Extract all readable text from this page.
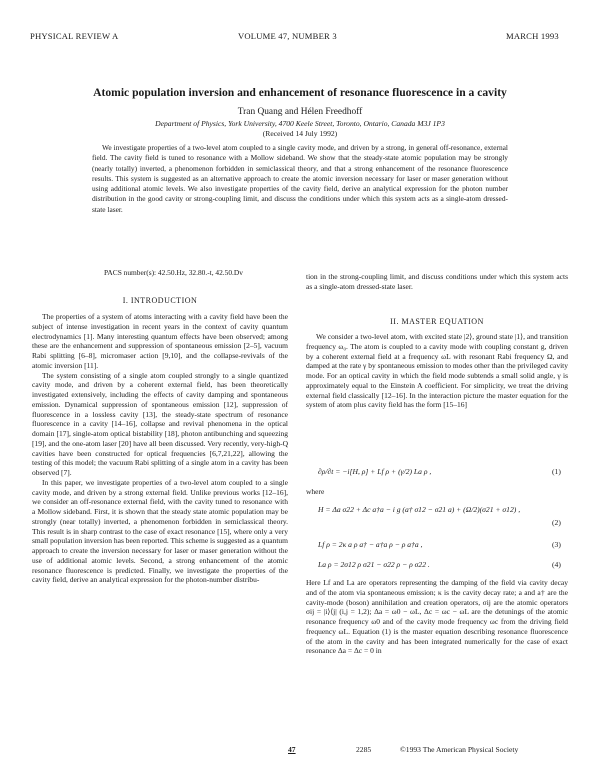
PHYSICAL REVIEW A	VOLUME 47, NUMBER 3	MARCH 1993
Atomic population inversion and enhancement of resonance fluorescence in a cavity
Tran Quang and Hélen Freedhoff
Department of Physics, York University, 4700 Keele Street, Toronto, Ontario, Canada M3J 1P3
(Received 14 July 1992)

We investigate properties of a two-level atom coupled to a single cavity mode, and driven by a strong, in general off-resonance, external field. The cavity field is tuned to resonance with a Mollow sideband. We show that the steady-state atomic population may be strongly (nearly totally) inverted, a phenomenon forbidden in semiclassical theory, and that a strong enhancement of the resonance fluorescence results. This system is suggested as an alternative approach to create the atomic inversion necessary for laser or maser generation without using additional atomic levels. We also investigate properties of the cavity field, derive an analytical expression for the photon number distribution in the good cavity or strong-coupling limit, and discuss the conditions under which this system acts as a single-atom dressed-state laser.

PACS number(s): 42.50.Hz, 32.80.-t, 42.50.Dv
I. INTRODUCTION

The properties of a system of atoms interacting with a cavity field have been the subject of intense investigation in recent years in the context of cavity quantum electrodynamics [1]. Many interesting quantum effects have been observed; among these are the enhancement and suppression of spontaneous emission [2–5], vacuum Rabi splitting [6–8], micromaser action [9,10], and the collapse-revivals of the atomic inversion [11].

The system consisting of a single atom coupled strongly to a single quantized cavity mode, and driven by a coherent external field, has been theoretically investigated extensively, including the effects of cavity damping and spontaneous emission. Dynamical suppression of spontaneous emission [12], suppression of fluorescence in a lossless cavity [13], the steady-state spectrum of resonance fluorescence in a cavity [14–16], collapse and revival phenomena in the optical domain [17], single-atom optical bistability [18], photon antibunching and squeezing [19], and the one-atom laser [20] have all been discussed. Very recently, very-high-Q cavities have been constructed for optical frequencies [6,7,21,22], allowing the testing of this model; the vacuum Rabi splitting of a single atom in a cavity has been observed [7].

In this paper, we investigate properties of a two-level atom coupled to a single cavity mode, and driven by a strong external field. Unlike previous works [12–16], we consider an off-resonance external field, with the cavity tuned to resonance with a Mollow sideband. First, it is shown that the steady state atomic population may be strongly (near totally) inverted, a phenomenon forbidden in semiclassical theory. This result is in sharp contrast to the case of exact resonance [15], where only a very small population inversion has been reported. This scheme is suggested as a quantum approach to create the inversion necessary for laser or maser generation without the use of additional atomic levels. Second, a strong enhancement of the atomic resonance fluorescence is predicted. Finally, we investigate the properties of the cavity field, derive an analytical expression for the photon-number distribu-

tion in the strong-coupling limit, and discuss conditions under which this system acts as a single-atom dressed-state laser.

II. MASTER EQUATION

We consider a two-level atom, with excited state |2⟩, ground state |1⟩, and transition frequency ω₀. The atom is coupled to a cavity mode with coupling constant g, driven by a coherent external field at a frequency ωL with resonant Rabi frequency Ω, and damped at the rate γ by spontaneous emission to modes other than the privileged cavity mode. For an optical cavity in which the field mode subtends a small solid angle, γ is approximately equal to the Einstein A coefficient. For simplicity, we treat the driving external field classically [12–16]. In the interaction picture the master equation for the system of atom plus cavity field has the form [15–16]

∂ρ/∂t = −i[H, ρ] + Lf ρ + (γ/2) La ρ ,	(1)
where
H = Δa σ22 + Δc a†a − i g (a† σ12 − σ21 a) + (Ω/2)(σ21 + σ12) ,
(2)
Lf ρ = 2κ a ρ a† − a†a ρ − ρ a†a ,	(3)
La ρ = 2σ12 ρ σ21 − σ22 ρ − ρ σ22 .	(4)

Here Lf and La are operators representing the damping of the field via cavity decay and of the atom via spontaneous emission; κ is the cavity decay rate; a and a† are the cavity-mode (boson) annihilation and creation operators, σij are the atomic operators σij = |i⟩⟨j| (i,j = 1,2); Δa = ω0 − ωL, Δc = ωc − ωL are the detunings of the atomic resonance frequency ω0 and of the cavity mode frequency ωc from the driving field frequency ωL. Equation (1) is the master equation describing resonance fluorescence of the atom in the cavity and has been integrated numerically for the case of exact resonance Δa = Δc = 0 in

47	2285	©1993 The American Physical Society
